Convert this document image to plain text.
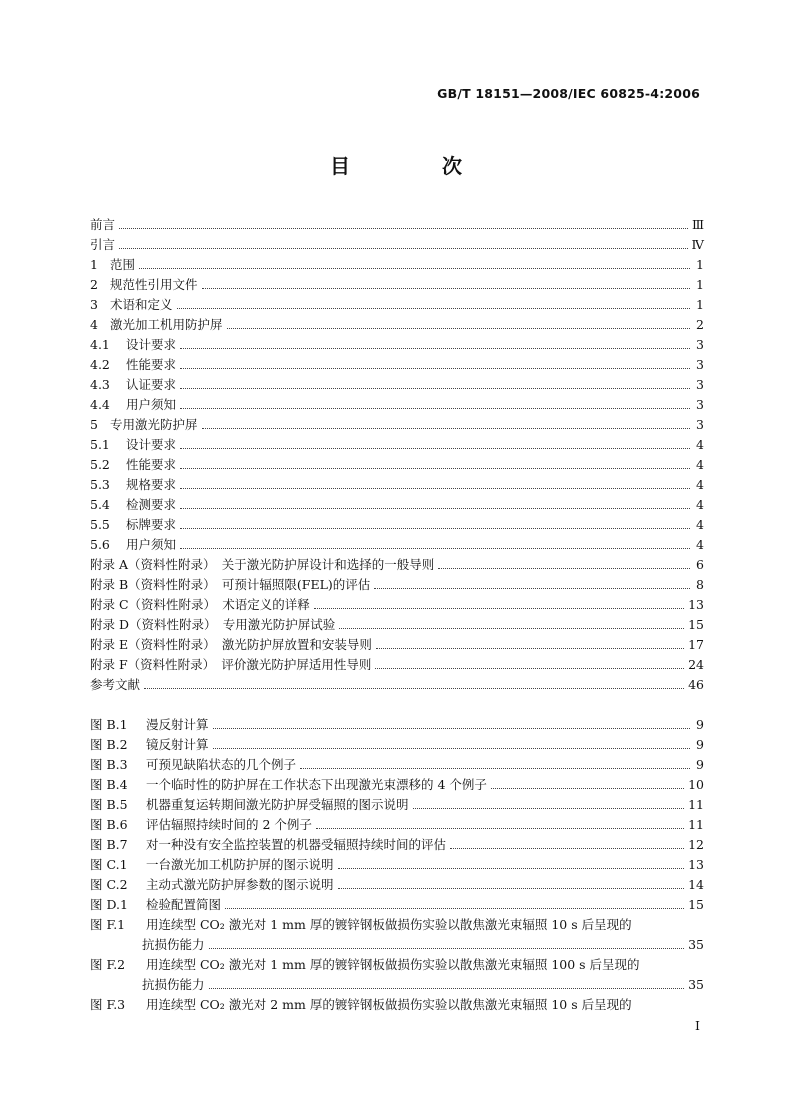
GB/T 18151—2008/IEC 60825-4:2006
目　次
前言	Ⅲ
引言	Ⅳ
1 范围	1
2 规范性引用文件	1
3 术语和定义	1
4 激光加工机用防护屏	2
4.1	设计要求	3
4.2	性能要求	3
4.3	认证要求	3
4.4	用户须知	3
5 专用激光防护屏	3
5.1	设计要求	4
5.2	性能要求	4
5.3	规格要求	4
5.4	检测要求	4
5.5	标牌要求	4
5.6	用户须知	4
附录 A（资料性附录）　关于激光防护屏设计和选择的一般导则	6
附录 B（资料性附录）　可预计辐照限(FEL)的评估	8
附录 C（资料性附录）　术语定义的详释	13
附录 D（资料性附录）　专用激光防护屏试验	15
附录 E（资料性附录）　激光防护屏放置和安装导则	17
附录 F（资料性附录）　评价激光防护屏适用性导则	24
参考文献	46
图 B.1	漫反射计算	9
图 B.2	镜反射计算	9
图 B.3	可预见缺陷状态的几个例子	9
图 B.4	一个临时性的防护屏在工作状态下出现激光束漂移的 4 个例子	10
图 B.5	机器重复运转期间激光防护屏受辐照的图示说明	11
图 B.6	评估辐照持续时间的 2 个例子	11
图 B.7	对一种没有安全监控装置的机器受辐照持续时间的评估	12
图 C.1	一台激光加工机防护屏的图示说明	13
图 C.2	主动式激光防护屏参数的图示说明	14
图 D.1	检验配置简图	15
图 F.1	用连续型 CO₂ 激光对 1 mm 厚的镀锌钢板做损伤实验以散焦激光束辐照 10 s 后呈现的
抗损伤能力	35
图 F.2	用连续型 CO₂ 激光对 1 mm 厚的镀锌钢板做损伤实验以散焦激光束辐照 100 s 后呈现的
抗损伤能力	35
图 F.3	用连续型 CO₂ 激光对 2 mm 厚的镀锌钢板做损伤实验以散焦激光束辐照 10 s 后呈现的
I
